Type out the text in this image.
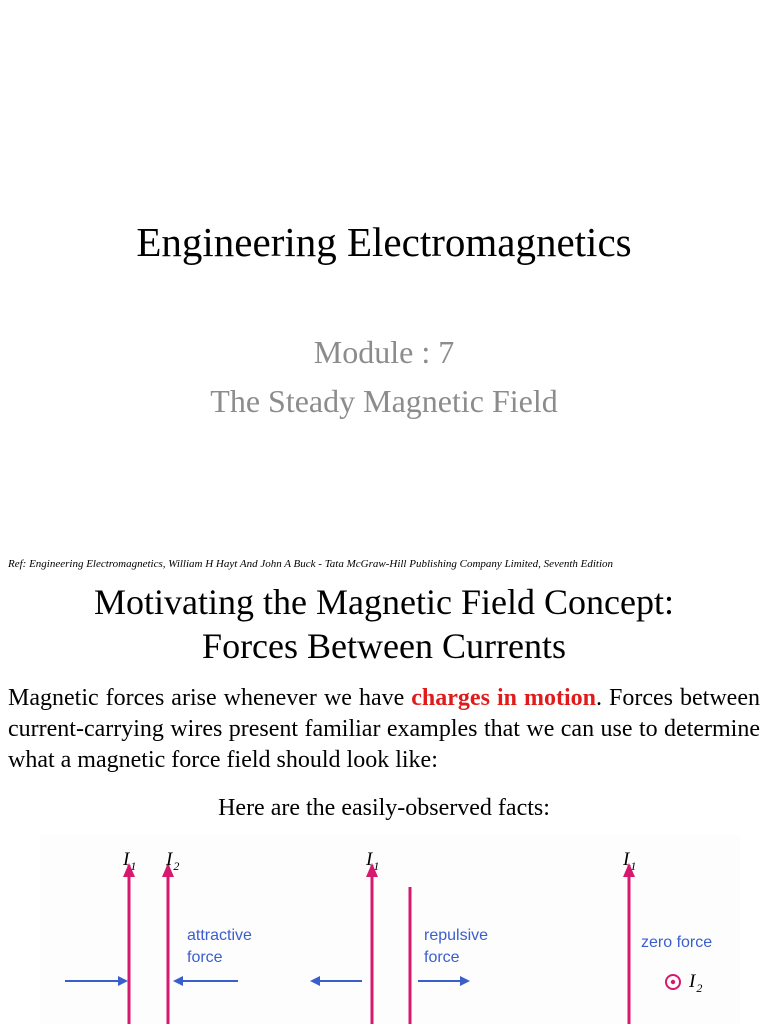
Engineering Electromagnetics
Module : 7
The Steady Magnetic Field
Ref: Engineering Electromagnetics, William H Hayt And John A Buck - Tata McGraw-Hill Publishing Company Limited, Seventh Edition
Motivating the Magnetic Field Concept:
Forces Between Currents
Magnetic forces arise whenever we have charges in motion. Forces between current-carrying wires present familiar examples that we can use to determine what a magnetic force field should look like:
Here are the easily-observed facts:
$I_1$ $I_2$
attractive
force
$I_1$
repulsive
force
$I_1$
zero force
$I_2$
